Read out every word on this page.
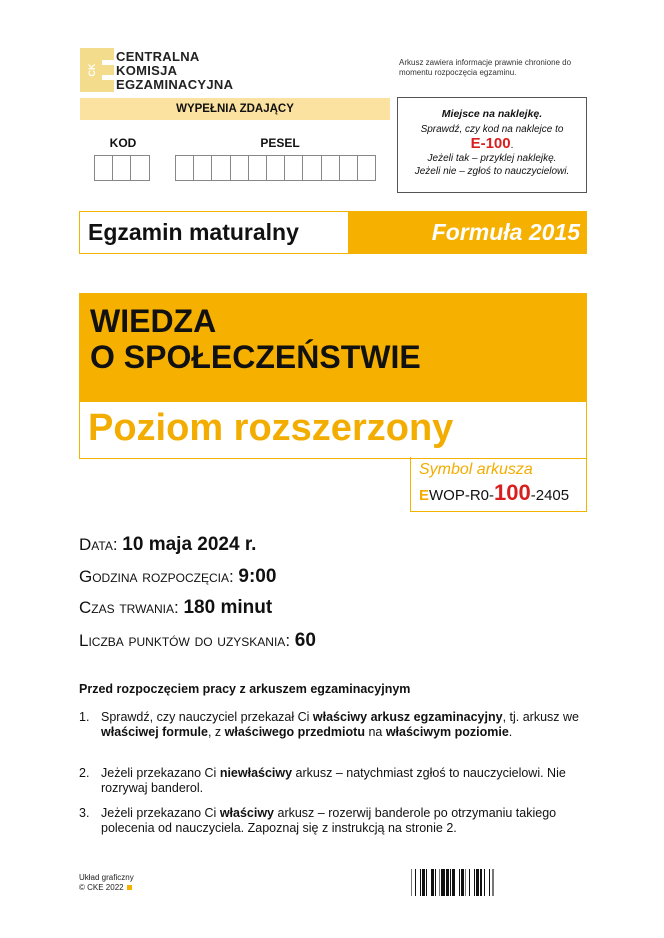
CK
CENTRALNA
KOMISJA
EGZAMINACYJNA
Arkusz zawiera informacje prawnie chronione do momentu rozpoczęcia egzaminu.
WYPEŁNIA ZDAJĄCY
KOD	PESEL
Miejsce na naklejkę.
Sprawdź, czy kod na naklejce to
E-100.
Jeżeli tak – przyklej naklejkę.
Jeżeli nie – zgłoś to nauczycielowi.
Egzamin maturalny	Formuła 2015
WIEDZA
O SPOŁECZEŃSTWIE
Poziom rozszerzony
Symbol arkusza
EWOP-R0-100-2405
Data: 10 maja 2024 r.
Godzina rozpoczęcia: 9:00
Czas trwania: 180 minut
Liczba punktów do uzyskania: 60
Przed rozpoczęciem pracy z arkuszem egzaminacyjnym
1. Sprawdź, czy nauczyciel przekazał Ci właściwy arkusz egzaminacyjny, tj. arkusz we właściwej formule, z właściwego przedmiotu na właściwym poziomie.
2. Jeżeli przekazano Ci niewłaściwy arkusz – natychmiast zgłoś to nauczycielowi. Nie rozrywaj banderol.
3. Jeżeli przekazano Ci właściwy arkusz – rozerwij banderole po otrzymaniu takiego polecenia od nauczyciela. Zapoznaj się z instrukcją na stronie 2.
Układ graficzny
© CKE 2022
